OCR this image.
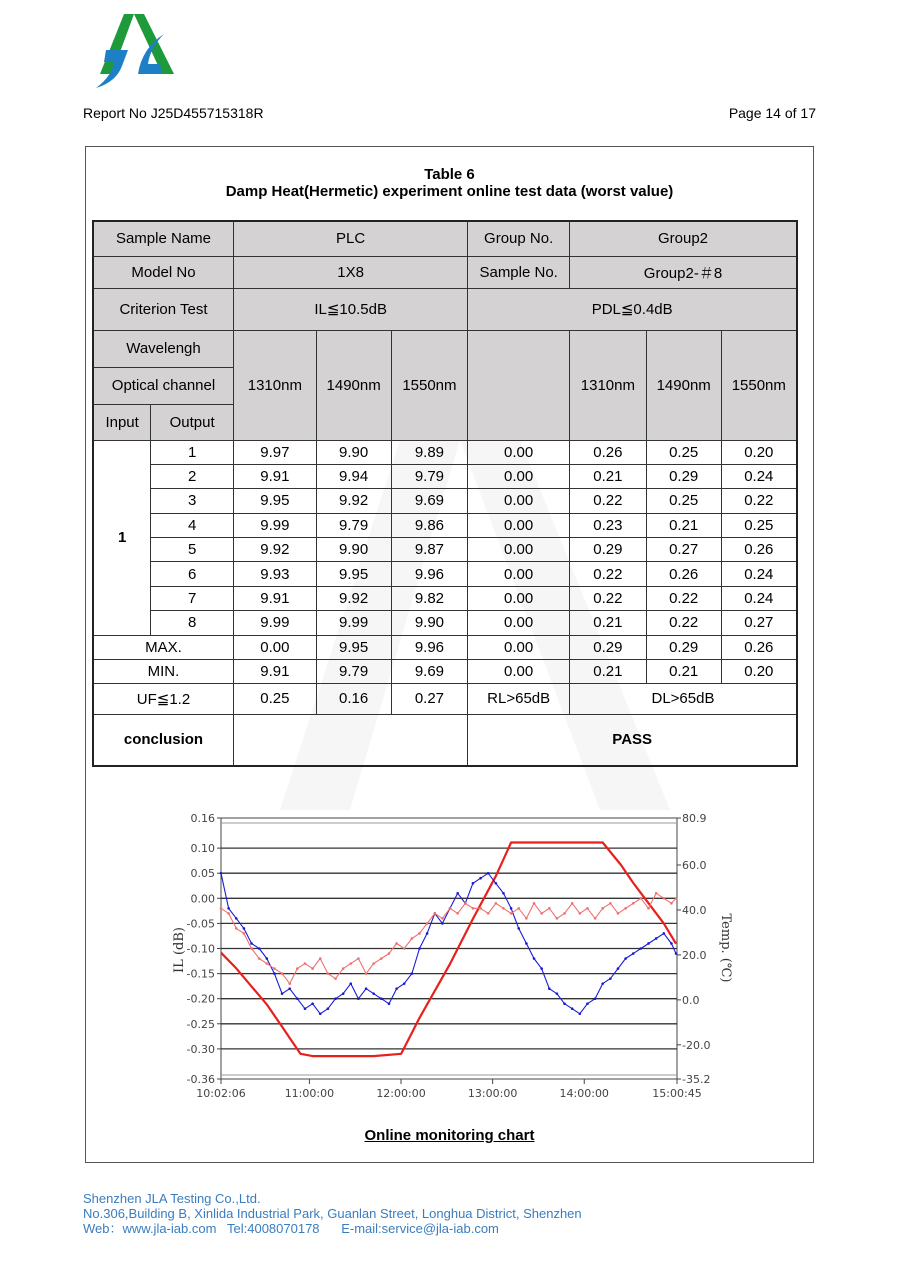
Report No J25D455715318R	Page 14 of 17
Table 6
Damp Heat(Hermetic) experiment online test data (worst value)
Sample Name		PLC			Group No.	Group2		
Model No		1X8			Sample No.	Group2-＃8		
Criterion Test		IL≦10.5dB			PDL≦0.4dB			
Wavelengh		1310nm	1490nm	1550nm		1310nm	1490nm	1550nm
Optical channel								
Input	Output							
1	1	9.97	9.90	9.89	0.00	0.26	0.25	0.20
	2	9.91	9.94	9.79	0.00	0.21	0.29	0.24
	3	9.95	9.92	9.69	0.00	0.22	0.25	0.22
	4	9.99	9.79	9.86	0.00	0.23	0.21	0.25
	5	9.92	9.90	9.87	0.00	0.29	0.27	0.26
	6	9.93	9.95	9.96	0.00	0.22	0.26	0.24
	7	9.91	9.92	9.82	0.00	0.22	0.22	0.24
	8	9.99	9.99	9.90	0.00	0.21	0.22	0.27
MAX.		0.00	9.95	9.96	0.00	0.29	0.29	0.26
MIN.		9.91	9.79	9.69	0.00	0.21	0.21	0.20
UF≦1.2		0.25	0.16	0.27	RL>65dB	DL>65dB		
conclusion					PASS			
0.16
0.10
0.05
0.00
-0.05
-0.10
-0.15
-0.20
-0.25
-0.30
-0.36
80.9
60.0
40.0
20.0
0.0
-20.0
-35.2
10:02:06	11:00:00	12:00:00	13:00:00	14:00:00	15:00:45
IL (dB)	Temp. (℃)
Online monitoring chart
Shenzhen JLA Testing Co.,Ltd.
No.306,Building B, Xinlida Industrial Park, Guanlan Street, Longhua District, Shenzhen
Web：www.jla-iab.com   Tel:4008070178      E-mail:service@jla-iab.com
